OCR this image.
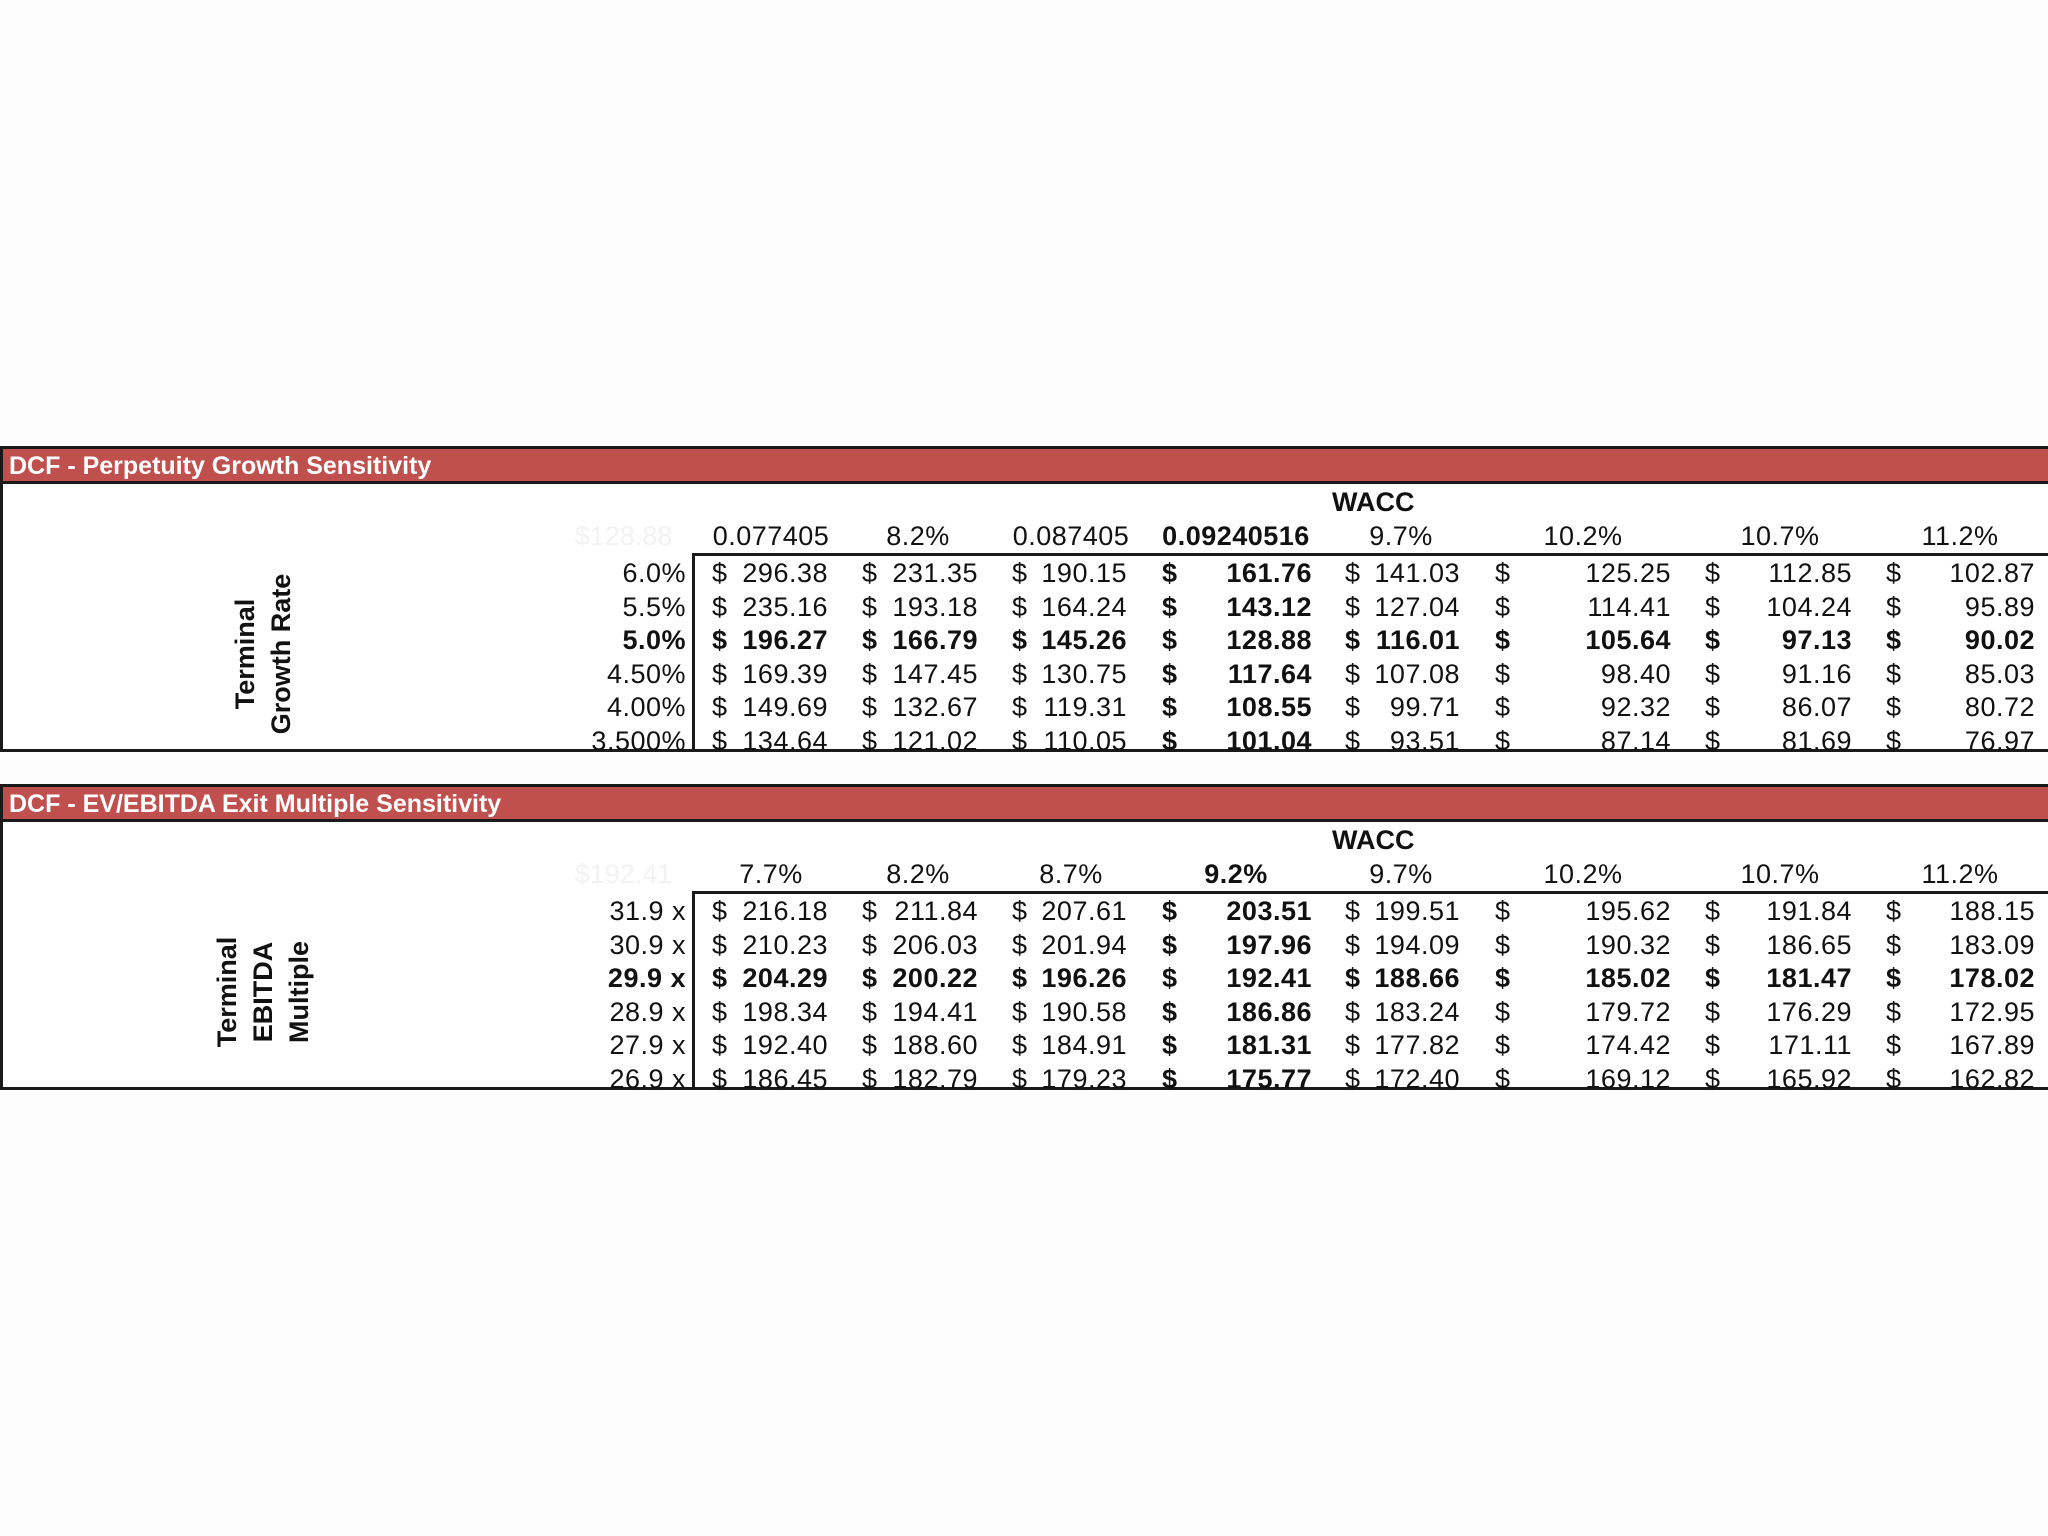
DCF - Perpetuity Growth Sensitivity
WACC
$128.88	0.077405	8.2%	0.087405	0.09240516	9.7%	10.2%	10.7%	11.2%
Terminal Growth Rate
6.0% $ 296.38 $ 231.35 $ 190.15 $	161.76 $ 141.03 $	125.25 $	112.85 $	102.87
5.5% $ 235.16 $ 193.18 $ 164.24 $	143.12 $ 127.04 $	114.41 $	104.24 $	95.89
5.0% $ 196.27 $ 166.79 $ 145.26 $	128.88 $ 116.01 $	105.64 $	97.13 $	90.02
4.50% $ 169.39 $ 147.45 $ 130.75 $	117.64 $ 107.08 $	98.40 $	91.16 $	85.03
4.00% $ 149.69 $ 132.67 $ 119.31 $	108.55 $	99.71 $	92.32 $	86.07 $	80.72
3.500% $ 134.64 $ 121.02 $ 110.05 $	101.04 $	93.51 $	87.14 $	81.69 $	76.97
DCF - EV/EBITDA Exit Multiple Sensitivity
WACC
$192.41	7.7%	8.2%	8.7%	9.2%	9.7%	10.2%	10.7%	11.2%
Terminal EBITDA Multiple
31.9 x $ 216.18 $ 211.84 $ 207.61 $	203.51 $ 199.51 $	195.62 $	191.84 $	188.15
30.9 x $ 210.23 $ 206.03 $ 201.94 $	197.96 $ 194.09 $	190.32 $	186.65 $	183.09
29.9 x $ 204.29 $ 200.22 $ 196.26 $	192.41 $ 188.66 $	185.02 $	181.47 $	178.02
28.9 x $ 198.34 $ 194.41 $ 190.58 $	186.86 $ 183.24 $	179.72 $	176.29 $	172.95
27.9 x $ 192.40 $ 188.60 $ 184.91 $	181.31 $ 177.82 $	174.42 $	171.11 $	167.89
26.9 x $ 186.45 $ 182.79 $ 179.23 $	175.77 $ 172.40 $	169.12 $	165.92 $	162.82
